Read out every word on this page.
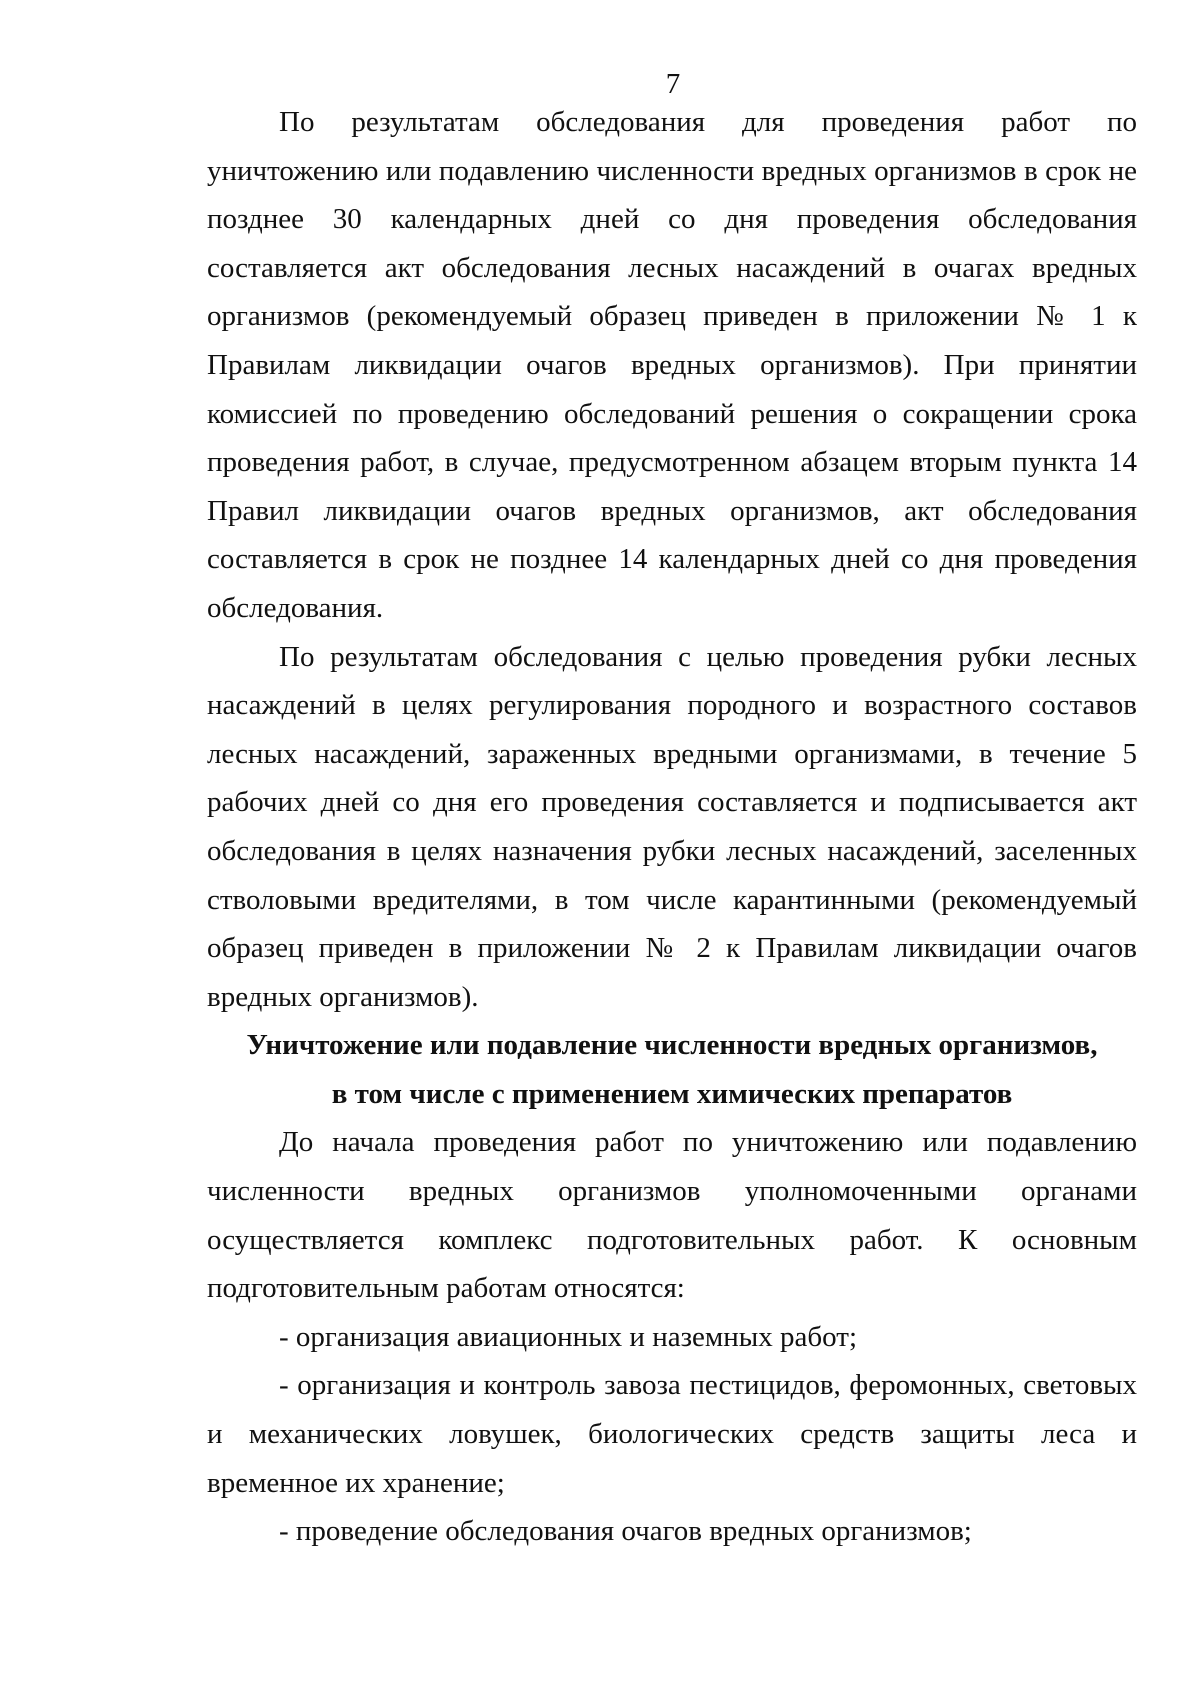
7

По результатам обследования для проведения работ по уничтожению или подавлению численности вредных организмов в срок не позднее 30 календарных дней со дня проведения обследования составляется акт обследования лесных насаждений в очагах вредных организмов (рекомендуемый образец приведен в приложении № 1 к Правилам ликвидации очагов вредных организмов). При принятии комиссией по проведению обследований решения о сокращении срока проведения работ, в случае, предусмотренном абзацем вторым пункта 14 Правил ликвидации очагов вредных организмов, акт обследования составляется в срок не позднее 14 календарных дней со дня проведения обследования.

По результатам обследования с целью проведения рубки лесных насаждений в целях регулирования породного и возрастного составов лесных насаждений, зараженных вредными организмами, в течение 5 рабочих дней со дня его проведения составляется и подписывается акт обследования в целях назначения рубки лесных насаждений, заселенных стволовыми вредителями, в том числе карантинными (рекомендуемый образец приведен в приложении № 2 к Правилам ликвидации очагов вредных организмов).

Уничтожение или подавление численности вредных организмов,

в том числе с применением химических препаратов

До начала проведения работ по уничтожению или подавлению численности вредных организмов уполномоченными органами осуществляется комплекс подготовительных работ. К основным подготовительным работам относятся:

- организация авиационных и наземных работ;

- организация и контроль завоза пестицидов, феромонных, световых и механических ловушек, биологических средств защиты леса и временное их хранение;

- проведение обследования очагов вредных организмов;
